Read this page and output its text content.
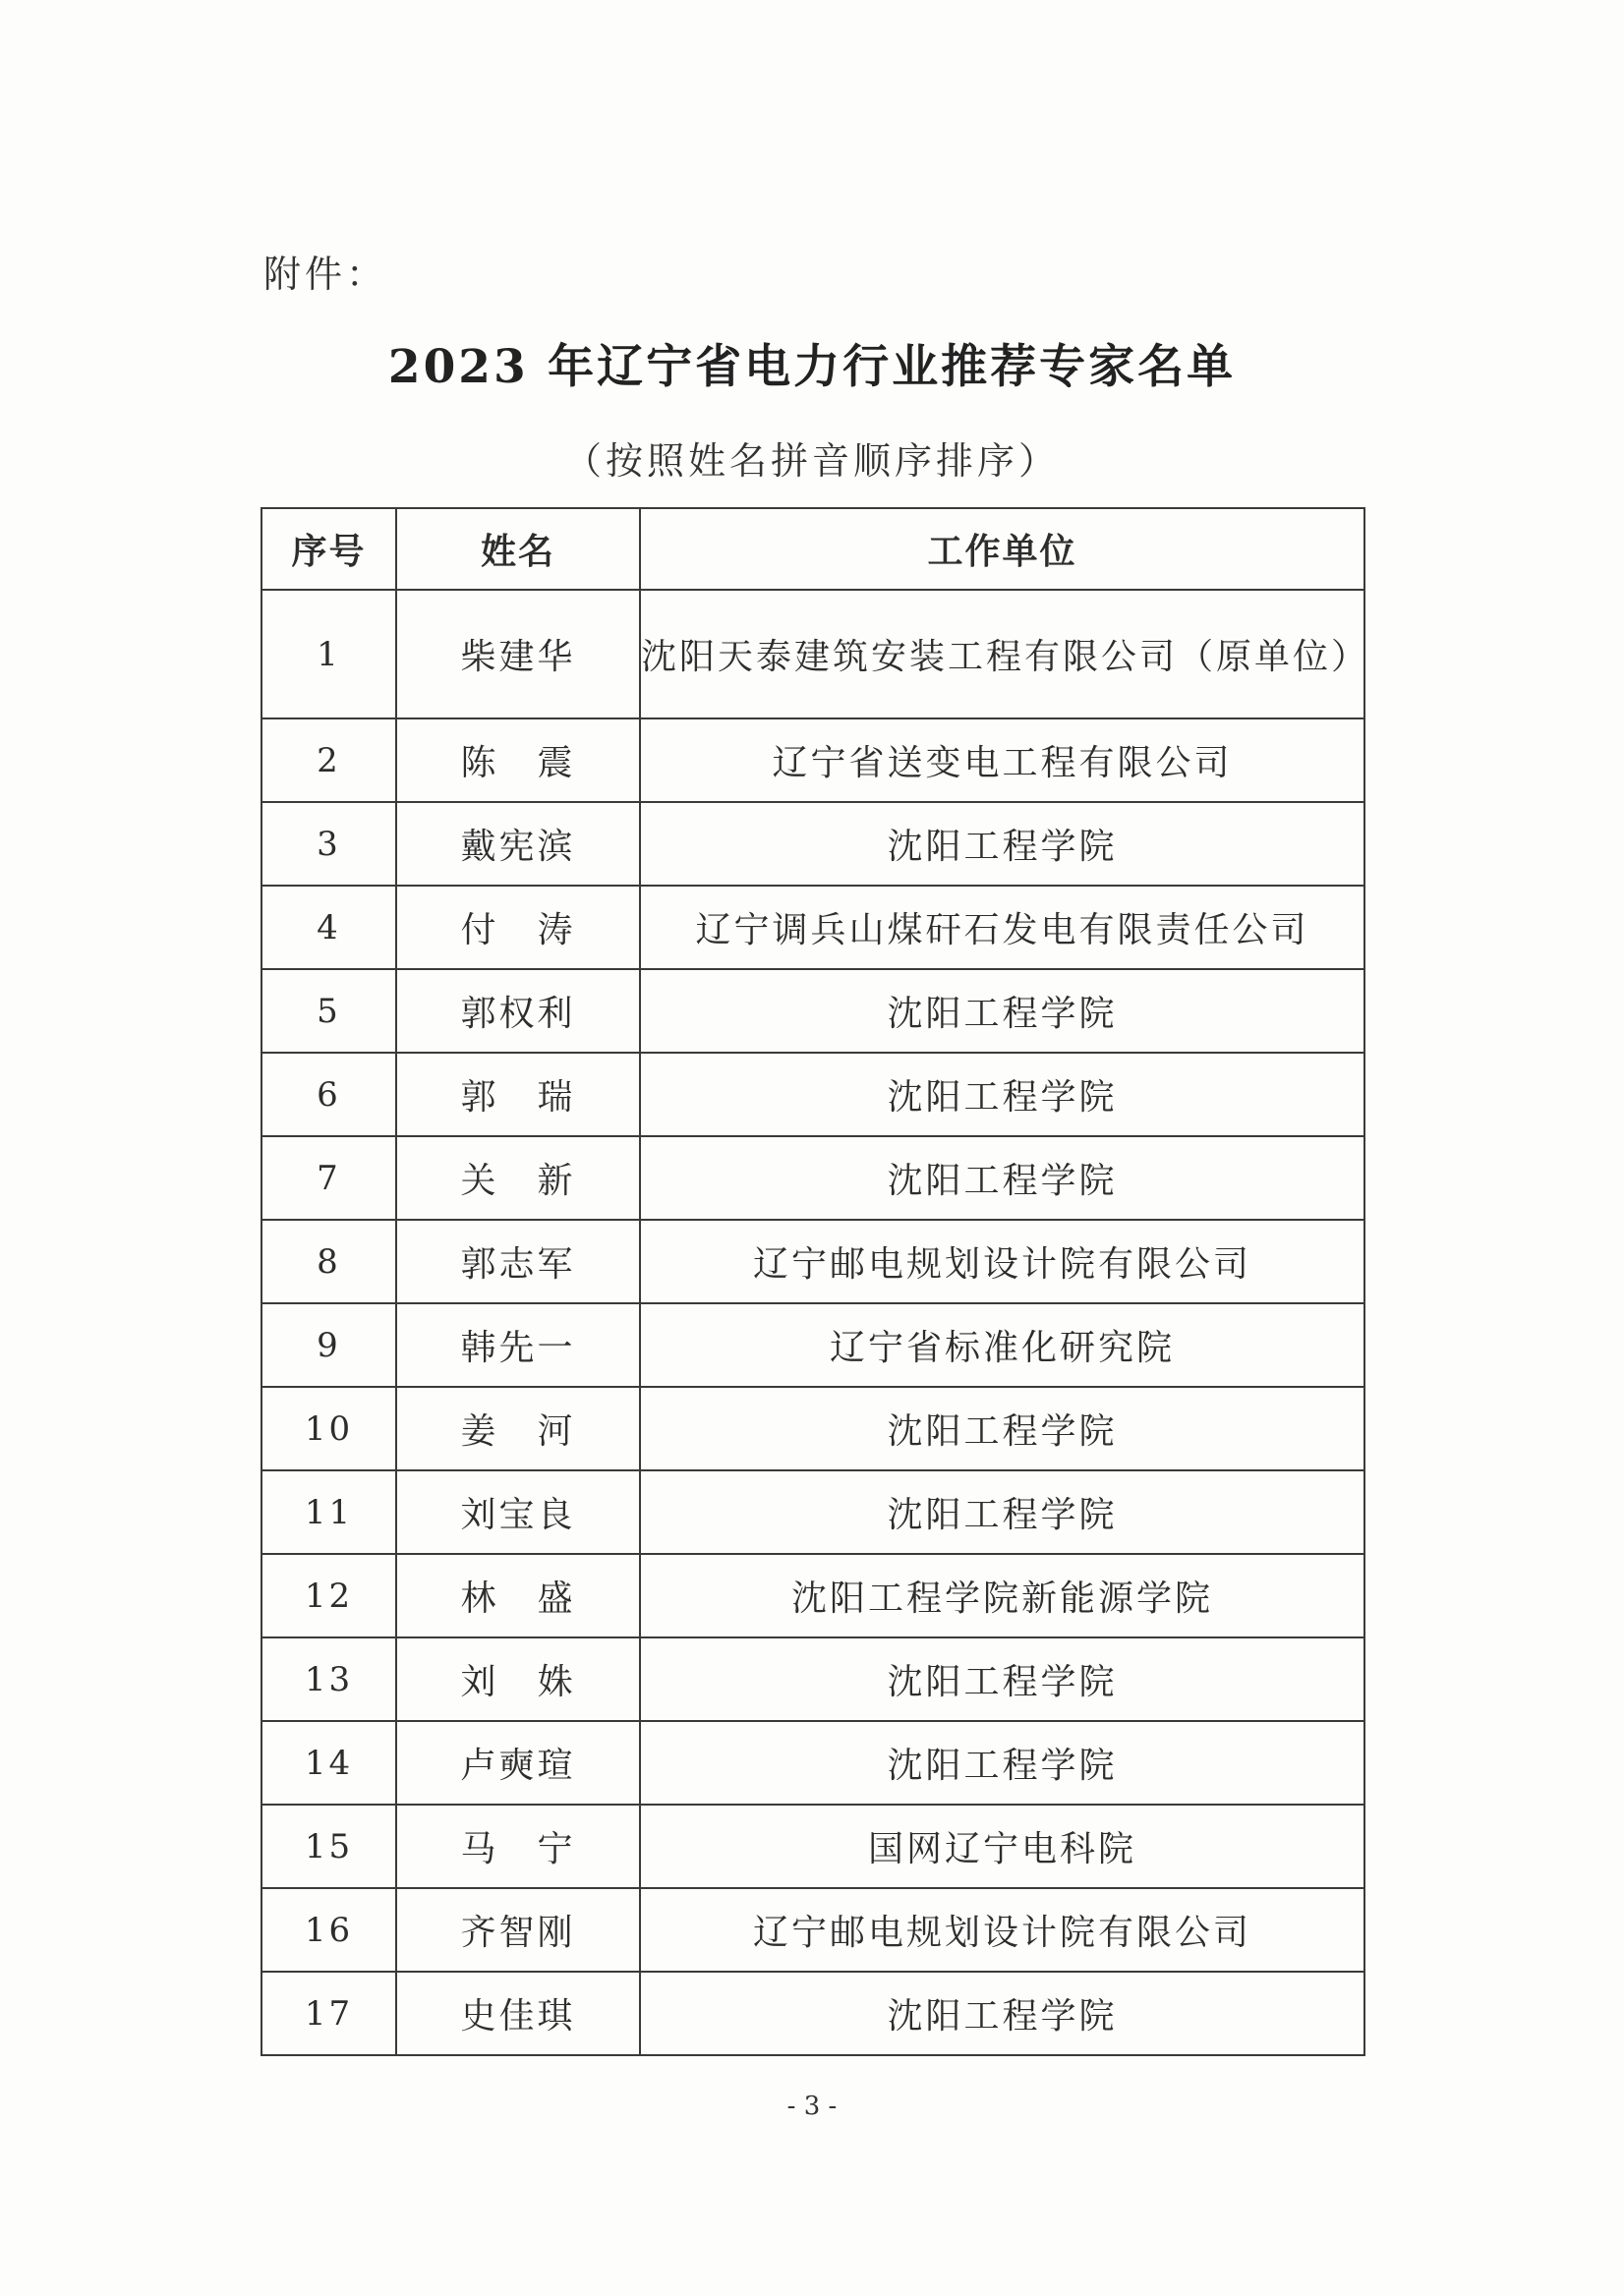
附件：
2023 年辽宁省电力行业推荐专家名单
（按照姓名拼音顺序排序）
序号	姓名	工作单位
1	柴建华	沈阳天泰建筑安装工程有限公司（原单位）
2	陈　震	辽宁省送变电工程有限公司
3	戴宪滨	沈阳工程学院
4	付　涛	辽宁调兵山煤矸石发电有限责任公司
5	郭权利	沈阳工程学院
6	郭　瑞	沈阳工程学院
7	关　新	沈阳工程学院
8	郭志军	辽宁邮电规划设计院有限公司
9	韩先一	辽宁省标准化研究院
10	姜　河	沈阳工程学院
11	刘宝良	沈阳工程学院
12	林　盛	沈阳工程学院新能源学院
13	刘　姝	沈阳工程学院
14	卢奭瑄	沈阳工程学院
15	马　宁	国网辽宁电科院
16	齐智刚	辽宁邮电规划设计院有限公司
17	史佳琪	沈阳工程学院
- 3 -
